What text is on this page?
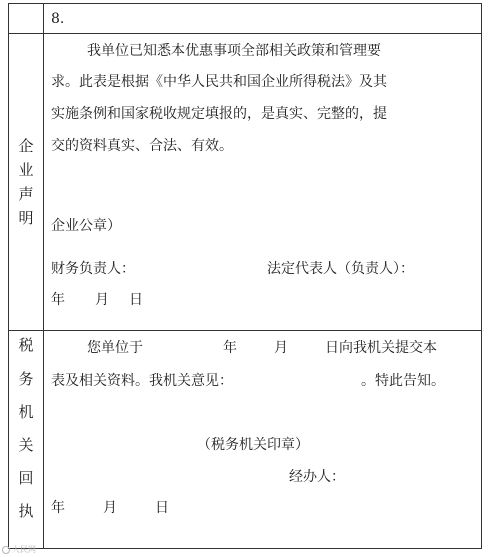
8.
企
业
声
明
我单位已知悉本优惠事项全部相关政策和管理要
求。此表是根据《中华人民共和国企业所得税法》及其
实施条例和国家税收规定填报的，是真实、完整的，提
交的资料真实、合法、有效。
企业公章）
财务负责人：	法定代表人（负责人）：
年 月 日
税
务
机
关
回
执
您单位于	年	月	日向我机关提交本
表及相关资料。我机关意见：	。特此告知。
（税务机关印章）
经办人：
年	月	日
人民网
